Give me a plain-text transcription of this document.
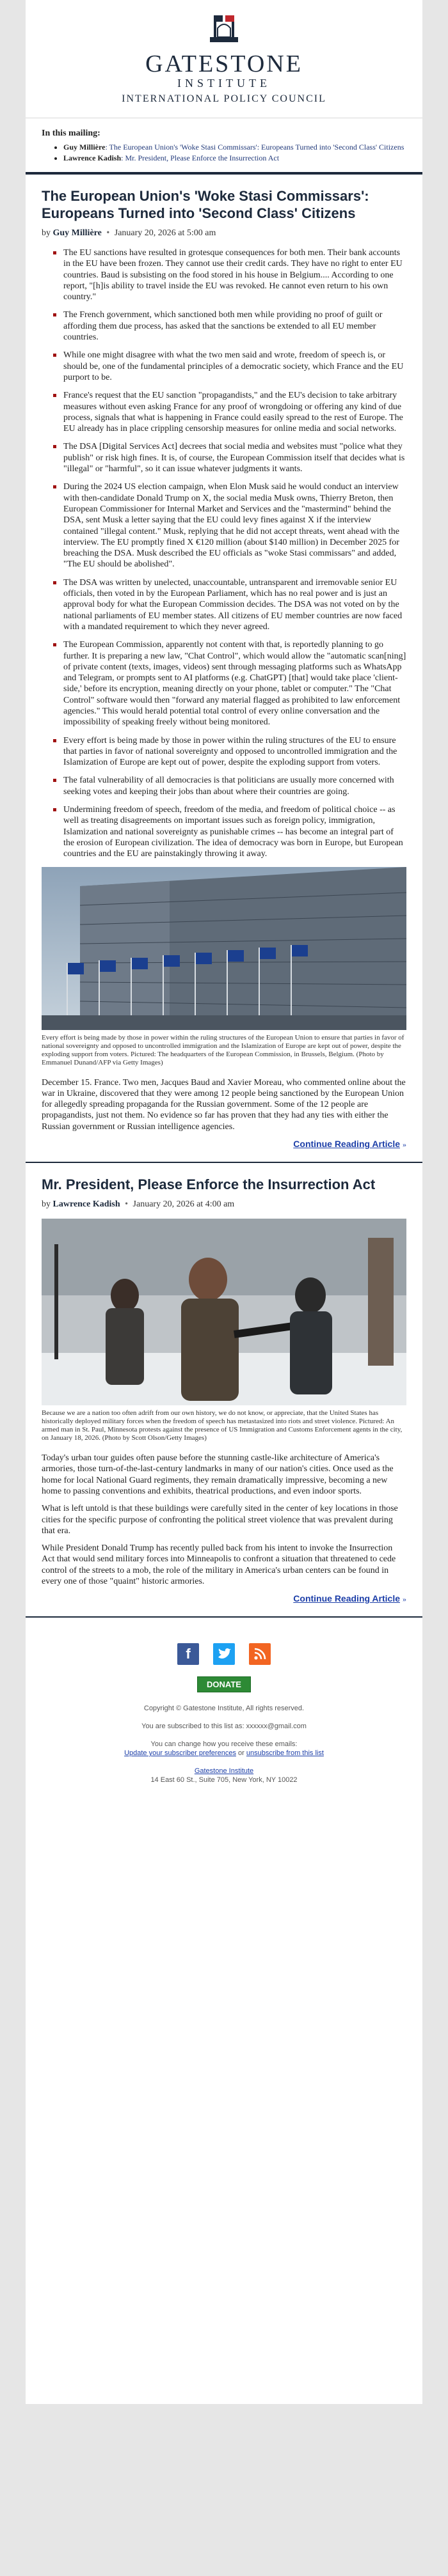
GATESTONE
INSTITUTE
INTERNATIONAL POLICY COUNCIL
In this mailing:
• Guy Millière: The European Union's 'Woke Stasi Commissars': Europeans Turned into 'Second Class' Citizens
• Lawrence Kadish: Mr. President, Please Enforce the Insurrection Act
The European Union's 'Woke Stasi Commissars': Europeans Turned into 'Second Class' Citizens
by Guy Millière • January 20, 2026 at 5:00 am
The EU sanctions have resulted in grotesque consequences for both men. Their bank accounts in the EU have been frozen. They cannot use their credit cards. They have no right to enter EU countries. Baud is subsisting on the food stored in his house in Belgium.... According to one report, "[h]is ability to travel inside the EU was revoked. He cannot even return to his own country."
The French government, which sanctioned both men while providing no proof of guilt or affording them due process, has asked that the sanctions be extended to all EU member countries.
While one might disagree with what the two men said and wrote, freedom of speech is, or should be, one of the fundamental principles of a democratic society, which France and the EU purport to be.
France's request that the EU sanction "propagandists," and the EU's decision to take arbitrary measures without even asking France for any proof of wrongdoing or offering any kind of due process, signals that what is happening in France could easily spread to the rest of Europe. The EU already has in place crippling censorship measures for online media and social networks.
The DSA [Digital Services Act] decrees that social media and websites must "police what they publish" or risk high fines. It is, of course, the European Commission itself that decides what is "illegal" or "harmful", so it can issue whatever judgments it wants.
During the 2024 US election campaign, when Elon Musk said he would conduct an interview with then-candidate Donald Trump on X, the social media Musk owns, Thierry Breton, then European Commissioner for Internal Market and Services and the "mastermind" behind the DSA, sent Musk a letter saying that the EU could levy fines against X if the interview contained "illegal content." Musk, replying that he did not accept threats, went ahead with the interview. The EU promptly fined X €120 million (about $140 million) in December 2025 for breaching the DSA. Musk described the EU officials as "woke Stasi commissars" and added, "The EU should be abolished".
The DSA was written by unelected, unaccountable, untransparent and irremovable senior EU officials, then voted in by the European Parliament, which has no real power and is just an approval body for what the European Commission decides. The DSA was not voted on by the national parliaments of EU member states. All citizens of EU member countries are now faced with a mandated requirement to which they never agreed.
The European Commission, apparently not content with that, is reportedly planning to go further. It is preparing a new law, "Chat Control", which would allow the "automatic scan[ning] of private content (texts, images, videos) sent through messaging platforms such as WhatsApp and Telegram, or prompts sent to AI platforms (e.g. ChatGPT) [that] would take place 'client-side,' before its encryption, meaning directly on your phone, tablet or computer." The "Chat Control" software would then "forward any material flagged as prohibited to law enforcement agencies." This would herald potential total control of every online conversation and the impossibility of speaking freely without being monitored.
Every effort is being made by those in power within the ruling structures of the EU to ensure that parties in favor of national sovereignty and opposed to uncontrolled immigration and the Islamization of Europe are kept out of power, despite the exploding support from voters.
The fatal vulnerability of all democracies is that politicians are usually more concerned with seeking votes and keeping their jobs than about where their countries are going.
Undermining freedom of speech, freedom of the media, and freedom of political choice -- as well as treating disagreements on important issues such as foreign policy, immigration, Islamization and national sovereignty as punishable crimes -- has become an integral part of the erosion of European civilization. The idea of democracy was born in Europe, but European countries and the EU are painstakingly throwing it away.
Every effort is being made by those in power within the ruling structures of the European Union to ensure that parties in favor of national sovereignty and opposed to uncontrolled immigration and the Islamization of Europe are kept out of power, despite the exploding support from voters. Pictured: The headquarters of the European Commission, in Brussels, Belgium. (Photo by Emmanuel Dunand/AFP via Getty Images)
December 15. France. Two men, Jacques Baud and Xavier Moreau, who commented online about the war in Ukraine, discovered that they were among 12 people being sanctioned by the European Union for allegedly spreading propaganda for the Russian government. Some of the 12 people are propagandists, just not them. No evidence so far has proven that they had any ties with either the Russian government or Russian intelligence agencies.
Continue Reading Article »
Mr. President, Please Enforce the Insurrection Act
by Lawrence Kadish • January 20, 2026 at 4:00 am
Because we are a nation too often adrift from our own history, we do not know, or appreciate, that the United States has historically deployed military forces when the freedom of speech has metastasized into riots and street violence. Pictured: An armed man in St. Paul, Minnesota protests against the presence of US Immigration and Customs Enforcement agents in the city, on January 18, 2026. (Photo by Scott Olson/Getty Images)
Today's urban tour guides often pause before the stunning castle-like architecture of America's armories, those turn-of-the-last-century landmarks in many of our nation's cities. Once used as the home for local National Guard regiments, they remain dramatically impressive, becoming a new home to passing conventions and exhibits, theatrical productions, and even indoor sports.
What is left untold is that these buildings were carefully sited in the center of key locations in those cities for the specific purpose of confronting the political street violence that was prevalent during that era.
While President Donald Trump has recently pulled back from his intent to invoke the Insurrection Act that would send military forces into Minneapolis to confront a situation that threatened to cede control of the streets to a mob, the role of the military in America's urban centers can be found in every one of those "quaint" historic armories.
Continue Reading Article »
f
DONATE
Copyright © Gatestone Institute, All rights reserved.
You are subscribed to this list as: xxxxxx@gmail.com
You can change how you receive these emails:
Update your subscriber preferences or unsubscribe from this list
Gatestone Institute
14 East 60 St., Suite 705, New York, NY 10022
